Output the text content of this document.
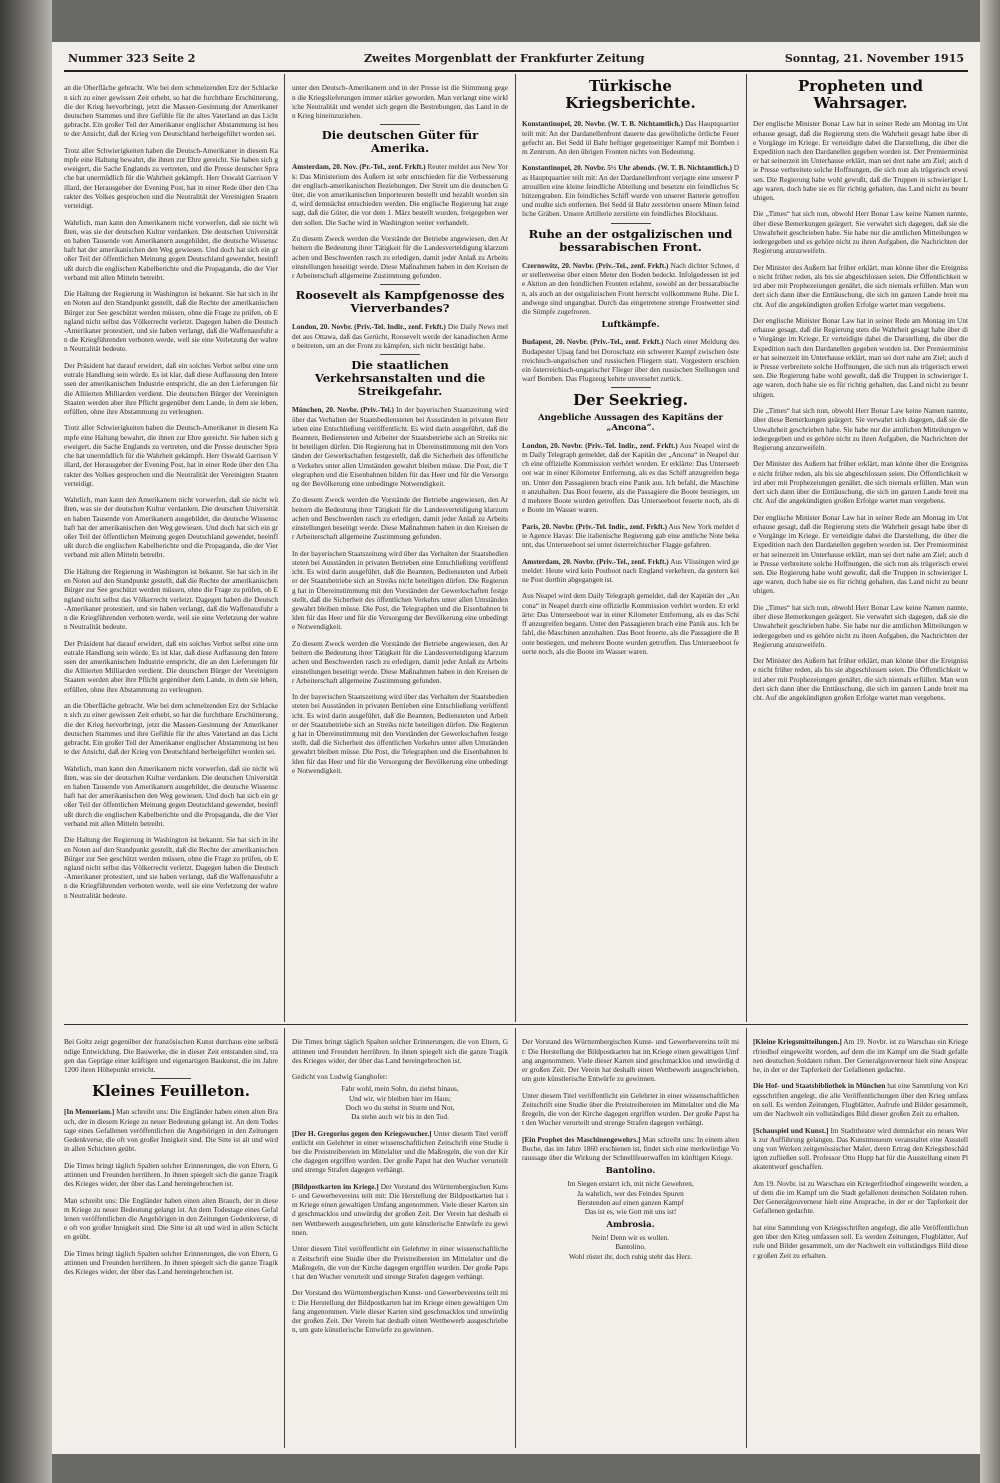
Nummer 323 Seite 2	Zweites Morgenblatt der Frankfurter Zeitung	Sonntag, 21. November 1915

an die Oberfläche gebracht. Wie bei dem schmelzenden Erz der Schlacken sich zu einer gewissen Zeit erhebt, so hat die furchtbare Erschütterung, die der Krieg hervorbringt, jetzt die Massen-Gesinnung der Amerikaner deutschen Stammes und ihre Gefühle für ihr altes Vaterland an das Licht gebracht. Ein großer Teil der Amerikaner englischer Abstammung ist heute der Ansicht, daß der Krieg von Deutschland herbeigeführt worden sei.

Trotz aller Schwierigkeiten haben die Deutsch-Amerikaner in diesem Kampfe eine Haltung bewahrt, die ihnen zur Ehre gereicht. Sie haben sich geweigert, die Sache Englands zu vertreten, und die Presse deutscher Sprache hat unermüdlich für die Wahrheit gekämpft. Herr Oswald Garrison Villard, der Herausgeber der Evening Post, hat in einer Rede über den Charakter des Volkes gesprochen und die Neutralität der Vereinigten Staaten verteidigt.

Wahrlich, man kann den Amerikanern nicht vorwerfen, daß sie nicht wüßten, was sie der deutschen Kultur verdanken. Die deutschen Universitäten haben Tausende von Amerikanern ausgebildet, die deutsche Wissenschaft hat der amerikanischen den Weg gewiesen. Und doch hat sich ein großer Teil der öffentlichen Meinung gegen Deutschland gewendet, beeinflußt durch die englischen Kabelberichte und die Propaganda, die der Vierverband mit allen Mitteln betreibt.

Die Haltung der Regierung in Washington ist bekannt. Sie hat sich in ihren Noten auf den Standpunkt gestellt, daß die Rechte der amerikanischen Bürger zur See geschützt werden müssen, ohne die Frage zu prüfen, ob England nicht selbst das Völkerrecht verletzt. Dagegen haben die Deutsch-Amerikaner protestiert, und sie haben verlangt, daß die Waffenausfuhr an die Kriegführenden verboten werde, weil sie eine Verletzung der wahren Neutralität bedeute.

Der Präsident hat darauf erwidert, daß ein solches Verbot selbst eine unneutrale Handlung sein würde. Es ist klar, daß diese Auffassung den Interessen der amerikanischen Industrie entspricht, die an den Lieferungen für die Alliierten Milliarden verdient. Die deutschen Bürger der Vereinigten Staaten werden aber ihre Pflicht gegenüber dem Lande, in dem sie leben, erfüllen, ohne ihre Abstammung zu verleugnen.

Trotz aller Schwierigkeiten haben die Deutsch-Amerikaner in diesem Kampfe eine Haltung bewahrt, die ihnen zur Ehre gereicht. Sie haben sich geweigert, die Sache Englands zu vertreten, und die Presse deutscher Sprache hat unermüdlich für die Wahrheit gekämpft. Herr Oswald Garrison Villard, der Herausgeber der Evening Post, hat in einer Rede über den Charakter des Volkes gesprochen und die Neutralität der Vereinigten Staaten verteidigt.

Wahrlich, man kann den Amerikanern nicht vorwerfen, daß sie nicht wüßten, was sie der deutschen Kultur verdanken. Die deutschen Universitäten haben Tausende von Amerikanern ausgebildet, die deutsche Wissenschaft hat der amerikanischen den Weg gewiesen. Und doch hat sich ein großer Teil der öffentlichen Meinung gegen Deutschland gewendet, beeinflußt durch die englischen Kabelberichte und die Propaganda, die der Vierverband mit allen Mitteln betreibt.

Die Haltung der Regierung in Washington ist bekannt. Sie hat sich in ihren Noten auf den Standpunkt gestellt, daß die Rechte der amerikanischen Bürger zur See geschützt werden müssen, ohne die Frage zu prüfen, ob England nicht selbst das Völkerrecht verletzt. Dagegen haben die Deutsch-Amerikaner protestiert, und sie haben verlangt, daß die Waffenausfuhr an die Kriegführenden verboten werde, weil sie eine Verletzung der wahren Neutralität bedeute.

Der Präsident hat darauf erwidert, daß ein solches Verbot selbst eine unneutrale Handlung sein würde. Es ist klar, daß diese Auffassung den Interessen der amerikanischen Industrie entspricht, die an den Lieferungen für die Alliierten Milliarden verdient. Die deutschen Bürger der Vereinigten Staaten werden aber ihre Pflicht gegenüber dem Lande, in dem sie leben, erfüllen, ohne ihre Abstammung zu verleugnen.

an die Oberfläche gebracht. Wie bei dem schmelzenden Erz der Schlacken sich zu einer gewissen Zeit erhebt, so hat die furchtbare Erschütterung, die der Krieg hervorbringt, jetzt die Massen-Gesinnung der Amerikaner deutschen Stammes und ihre Gefühle für ihr altes Vaterland an das Licht gebracht. Ein großer Teil der Amerikaner englischer Abstammung ist heute der Ansicht, daß der Krieg von Deutschland herbeigeführt worden sei.

Wahrlich, man kann den Amerikanern nicht vorwerfen, daß sie nicht wüßten, was sie der deutschen Kultur verdanken. Die deutschen Universitäten haben Tausende von Amerikanern ausgebildet, die deutsche Wissenschaft hat der amerikanischen den Weg gewiesen. Und doch hat sich ein großer Teil der öffentlichen Meinung gegen Deutschland gewendet, beeinflußt durch die englischen Kabelberichte und die Propaganda, die der Vierverband mit allen Mitteln betreibt.

Die Haltung der Regierung in Washington ist bekannt. Sie hat sich in ihren Noten auf den Standpunkt gestellt, daß die Rechte der amerikanischen Bürger zur See geschützt werden müssen, ohne die Frage zu prüfen, ob England nicht selbst das Völkerrecht verletzt. Dagegen haben die Deutsch-Amerikaner protestiert, und sie haben verlangt, daß die Waffenausfuhr an die Kriegführenden verboten werde, weil sie eine Verletzung der wahren Neutralität bedeute.

unter den Deutsch-Amerikanern und in der Presse ist die Stimmung gegen die Kriegslieferungen immer stärker geworden. Man verlangt eine wirkliche Neutralität und wendet sich gegen die Bestrebungen, das Land in den Krieg hineinzuziehen.

Die deutschen Güter für Amerika.

Amsterdam, 20. Nov. (Pr.-Tel., zenf. Frkft.) Reuter meldet aus New York: Das Ministerium des Äußern ist sehr entschieden für die Verbesserung der englisch-amerikanischen Beziehungen. Der Streit um die deutschen Güter, die von amerikanischen Importeuren bestellt und bezahlt worden sind, wird demnächst entschieden werden. Die englische Regierung hat zugesagt, daß die Güter, die vor dem 1. März bestellt wurden, freigegeben werden sollen. Die Sache wird in Washington weiter verhandelt.

Zu diesem Zweck werden die Vorstände der Betriebe angewiesen, den Arbeitern die Bedeutung ihrer Tätigkeit für die Landesverteidigung klarzumachen und Beschwerden rasch zu erledigen, damit jeder Anlaß zu Arbeitseinstellungen beseitigt werde. Diese Maßnahmen haben in den Kreisen der Arbeiterschaft allgemeine Zustimmung gefunden.

Roosevelt als Kampfgenosse des Vierverbandes?

London, 20. Novbr. (Priv.-Tel. Indir., zenf. Frkft.) Die Daily News meldet aus Ottawa, daß das Gerücht, Roosevelt werde der kanadischen Armee beitreten, um an der Front zu kämpfen, sich nicht bestätigt habe.

Die staatlichen Verkehrsanstalten und die Streikgefahr.

München, 20. Novbr. (Priv.-Tel.) In der bayerischen Staatszeitung wird über das Verhalten der Staatsbediensteten bei Ausständen in privaten Betrieben eine Entschließung veröffentlicht. Es wird darin ausgeführt, daß die Beamten, Bediensteten und Arbeiter der Staatsbetriebe sich an Streiks nicht beteiligen dürfen. Die Regierung hat in Übereinstimmung mit den Vorständen der Gewerkschaften festgestellt, daß die Sicherheit des öffentlichen Verkehrs unter allen Umständen gewahrt bleiben müsse. Die Post, die Telegraphen und die Eisenbahnen bilden für das Heer und für die Versorgung der Bevölkerung eine unbedingte Notwendigkeit.

Zu diesem Zweck werden die Vorstände der Betriebe angewiesen, den Arbeitern die Bedeutung ihrer Tätigkeit für die Landesverteidigung klarzumachen und Beschwerden rasch zu erledigen, damit jeder Anlaß zu Arbeitseinstellungen beseitigt werde. Diese Maßnahmen haben in den Kreisen der Arbeiterschaft allgemeine Zustimmung gefunden.

In der bayerischen Staatszeitung wird über das Verhalten der Staatsbediensteten bei Ausständen in privaten Betrieben eine Entschließung veröffentlicht. Es wird darin ausgeführt, daß die Beamten, Bediensteten und Arbeiter der Staatsbetriebe sich an Streiks nicht beteiligen dürfen. Die Regierung hat in Übereinstimmung mit den Vorständen der Gewerkschaften festgestellt, daß die Sicherheit des öffentlichen Verkehrs unter allen Umständen gewahrt bleiben müsse. Die Post, die Telegraphen und die Eisenbahnen bilden für das Heer und für die Versorgung der Bevölkerung eine unbedingte Notwendigkeit.

Zu diesem Zweck werden die Vorstände der Betriebe angewiesen, den Arbeitern die Bedeutung ihrer Tätigkeit für die Landesverteidigung klarzumachen und Beschwerden rasch zu erledigen, damit jeder Anlaß zu Arbeitseinstellungen beseitigt werde. Diese Maßnahmen haben in den Kreisen der Arbeiterschaft allgemeine Zustimmung gefunden.

In der bayerischen Staatszeitung wird über das Verhalten der Staatsbediensteten bei Ausständen in privaten Betrieben eine Entschließung veröffentlicht. Es wird darin ausgeführt, daß die Beamten, Bediensteten und Arbeiter der Staatsbetriebe sich an Streiks nicht beteiligen dürfen. Die Regierung hat in Übereinstimmung mit den Vorständen der Gewerkschaften festgestellt, daß die Sicherheit des öffentlichen Verkehrs unter allen Umständen gewahrt bleiben müsse. Die Post, die Telegraphen und die Eisenbahnen bilden für das Heer und für die Versorgung der Bevölkerung eine unbedingte Notwendigkeit.

Türkische Kriegsberichte.

Konstantinopel, 20. Novbr. (W. T. B. Nichtamtlich.) Das Hauptquartier teilt mit: An der Dardanellenfront dauerte das gewöhnliche örtliche Feuergefecht an. Bei Sedd ül Bahr heftiger gegenseitiger Kampf mit Bomben im Zentrum. An den übrigen Fronten nichts von Bedeutung.

Konstantinopel, 20. Novbr. 5½ Uhr abends. (W. T. B. Nichtamtlich.) Das Hauptquartier teilt mit: An der Dardanellenfront verjagte eine unserer Patrouillen eine kleine feindliche Abteilung und besetzte ein feindliches Schützengraben. Ein feindliches Schiff wurde von unserer Batterie getroffen und mußte sich entfernen. Bei Sedd ül Bahr zerstörten unsere Minen feindliche Gräben. Unsere Artillerie zerstörte ein feindliches Blockhaus.

Ruhe an der ostgalizischen und bessarabischen Front.

Czernowitz, 20. Novbr. (Priv.-Tel., zenf. Frkft.) Nach dichter Schnee, der stellenweise über einen Meter den Boden bedeckt. Infolgedessen ist jede Aktion an den feindlichen Fronten erlahmt, sowohl an der bessarabischen, als auch an der ostgalizischen Front herrscht vollkommene Ruhe. Die Landwege sind ungangbar. Durch das eingetretene strenge Frostwetter sind die Sümpfe zugefroren.

Luftkämpfe.

Budapest, 20. Novbr. (Priv.-Tel., zenf. Frkft.) Nach einer Meldung des Budapester Ujsag fand bei Doroschatz ein schwerer Kampf zwischen österreichisch-ungarischen und russischen Fliegern statt. Vorgestern erschien ein österreichisch-ungarischer Flieger über den russischen Stellungen und warf Bomben. Das Flugzeug kehrte unversehrt zurück.

Der Seekrieg.
Angebliche Aussagen des Kapitäns der „Ancona“.

London, 20. Novbr. (Priv.-Tel. Indir., zenf. Frkft.) Aus Neapel wird dem Daily Telegraph gemeldet, daß der Kapitän der „Ancona“ in Neapel durch eine offizielle Kommission verhört worden. Er erklärte: Das Unterseeboot war in einer Kilometer Entfernung, als es das Schiff anzugreifen begann. Unter den Passagieren brach eine Panik aus. Ich befahl, die Maschinen anzuhalten. Das Boot feuerte, als die Passagiere die Boote bestiegen, und mehrere Boote wurden getroffen. Das Unterseeboot feuerte noch, als die Boote im Wasser waren.

Paris, 20. Novbr. (Priv.-Tel. Indir., zenf. Frkft.) Aus New York meldet die Agence Havas: Die italienische Regierung gab eine amtliche Note bekannt, das Unterseeboot sei unter österreichischer Flagge gefahren.

Amsterdam, 20. Novbr. (Priv.-Tel., zenf. Frkft.) Aus Vlissingen wird gemeldet: Heute wird kein Postboot nach England verkehren, da gestern keine Post dorthin abgegangen ist.

Aus Neapel wird dem Daily Telegraph gemeldet, daß der Kapitän der „Ancona“ in Neapel durch eine offizielle Kommission verhört worden. Er erklärte: Das Unterseeboot war in einer Kilometer Entfernung, als es das Schiff anzugreifen begann. Unter den Passagieren brach eine Panik aus. Ich befahl, die Maschinen anzuhalten. Das Boot feuerte, als die Passagiere die Boote bestiegen, und mehrere Boote wurden getroffen. Das Unterseeboot feuerte noch, als die Boote im Wasser waren.

Propheten und Wahrsager.

Der englische Minister Bonar Law hat in seiner Rede am Montag im Unterhause gesagt, daß die Regierung stets die Wahrheit gesagt habe über die Vorgänge im Kriege. Er verteidigte dabei die Darstellung, die über die Expedition nach den Dardanellen gegeben worden ist. Der Premierminister hat seinerzeit im Unterhause erklärt, man sei dort nahe am Ziel; auch die Presse verbreitete solche Hoffnungen, die sich nun als trügerisch erweisen. Die Regierung habe wohl gewußt, daß die Truppen in schwieriger Lage waren, doch habe sie es für richtig gehalten, das Land nicht zu beunruhigen.

Die „Times“ hat sich nun, obwohl Herr Bonar Law keine Namen nannte, über diese Bemerkungen geärgert. Sie verwahrt sich dagegen, daß sie die Unwahrheit geschrieben habe. Sie habe nur die amtlichen Mitteilungen wiedergegeben und es gehöre nicht zu ihren Aufgaben, die Nachrichten der Regierung anzuzweifeln.

Der Minister des Außern hat früher erklärt, man könne über die Ereignisse nicht früher reden, als bis sie abgeschlossen seien. Die Öffentlichkeit wird aber mit Prophezeiungen genährt, die sich niemals erfüllen. Man wundert sich dann über die Enttäuschung, die sich im ganzen Lande breit macht. Auf die angekündigten großen Erfolge wartet man vergebens.

Der englische Minister Bonar Law hat in seiner Rede am Montag im Unterhause gesagt, daß die Regierung stets die Wahrheit gesagt habe über die Vorgänge im Kriege. Er verteidigte dabei die Darstellung, die über die Expedition nach den Dardanellen gegeben worden ist. Der Premierminister hat seinerzeit im Unterhause erklärt, man sei dort nahe am Ziel; auch die Presse verbreitete solche Hoffnungen, die sich nun als trügerisch erweisen. Die Regierung habe wohl gewußt, daß die Truppen in schwieriger Lage waren, doch habe sie es für richtig gehalten, das Land nicht zu beunruhigen.

Die „Times“ hat sich nun, obwohl Herr Bonar Law keine Namen nannte, über diese Bemerkungen geärgert. Sie verwahrt sich dagegen, daß sie die Unwahrheit geschrieben habe. Sie habe nur die amtlichen Mitteilungen wiedergegeben und es gehöre nicht zu ihren Aufgaben, die Nachrichten der Regierung anzuzweifeln.

Der Minister des Außern hat früher erklärt, man könne über die Ereignisse nicht früher reden, als bis sie abgeschlossen seien. Die Öffentlichkeit wird aber mit Prophezeiungen genährt, die sich niemals erfüllen. Man wundert sich dann über die Enttäuschung, die sich im ganzen Lande breit macht. Auf die angekündigten großen Erfolge wartet man vergebens.

Der englische Minister Bonar Law hat in seiner Rede am Montag im Unterhause gesagt, daß die Regierung stets die Wahrheit gesagt habe über die Vorgänge im Kriege. Er verteidigte dabei die Darstellung, die über die Expedition nach den Dardanellen gegeben worden ist. Der Premierminister hat seinerzeit im Unterhause erklärt, man sei dort nahe am Ziel; auch die Presse verbreitete solche Hoffnungen, die sich nun als trügerisch erweisen. Die Regierung habe wohl gewußt, daß die Truppen in schwieriger Lage waren, doch habe sie es für richtig gehalten, das Land nicht zu beunruhigen.

Die „Times“ hat sich nun, obwohl Herr Bonar Law keine Namen nannte, über diese Bemerkungen geärgert. Sie verwahrt sich dagegen, daß sie die Unwahrheit geschrieben habe. Sie habe nur die amtlichen Mitteilungen wiedergegeben und es gehöre nicht zu ihren Aufgaben, die Nachrichten der Regierung anzuzweifeln.

Der Minister des Außern hat früher erklärt, man könne über die Ereignisse nicht früher reden, als bis sie abgeschlossen seien. Die Öffentlichkeit wird aber mit Prophezeiungen genährt, die sich niemals erfüllen. Man wundert sich dann über die Enttäuschung, die sich im ganzen Lande breit macht. Auf die angekündigten großen Erfolge wartet man vergebens.

Bei Goltz zeigt gegenüber der französischen Kunst durchaus eine selbständige Entwicklung. Die Bauwerke, die in dieser Zeit entstanden sind, tragen das Gepräge einer kräftigen und eigenartigen Baukunst, die im Jahre 1200 ihren Höhepunkt erreicht.

Kleines Feuilleton.

[In Memoriam.] Man schreibt uns: Die Engländer haben einen alten Brauch, der in diesem Kriege zu neuer Bedeutung gelangt ist. An dem Todestage eines Gefallenen veröffentlichen die Angehörigen in den Zeitungen Gedenkverse, die oft von großer Innigkeit sind. Die Sitte ist alt und wird in allen Schichten geübt.

Die Times bringt täglich Spalten solcher Erinnerungen, die von Eltern, Gattinnen und Freunden herrühren. In ihnen spiegelt sich die ganze Tragik des Krieges wider, der über das Land hereingebrochen ist.

Man schreibt uns: Die Engländer haben einen alten Brauch, der in diesem Kriege zu neuer Bedeutung gelangt ist. An dem Todestage eines Gefallenen veröffentlichen die Angehörigen in den Zeitungen Gedenkverse, die oft von großer Innigkeit sind. Die Sitte ist alt und wird in allen Schichten geübt.

Die Times bringt täglich Spalten solcher Erinnerungen, die von Eltern, Gattinnen und Freunden herrühren. In ihnen spiegelt sich die ganze Tragik des Krieges wider, der über das Land hereingebrochen ist.

Die Times bringt täglich Spalten solcher Erinnerungen, die von Eltern, Gattinnen und Freunden herrühren. In ihnen spiegelt sich die ganze Tragik des Krieges wider, der über das Land hereingebrochen ist.

Gedicht von Ludwig Ganghofer:

Fahr wohl, mein Sohn, du ziehst hinaus,
Und wir, wir bleiben hier im Haus;
Doch wo du stehst in Sturm und Not,
Da stehn auch wir bis in den Tod.

[Der H. Gregorius gegen den Kriegswucher.] Unter diesem Titel veröffentlicht ein Gelehrter in einer wissenschaftlichen Zeitschrift eine Studie über die Preistreibereien im Mittelalter und die Maßregeln, die von der Kirche dagegen ergriffen wurden. Der große Papst hat den Wucher verurteilt und strenge Strafen dagegen verhängt.

[Bildpostkarten im Kriege.] Der Vorstand des Württembergischen Kunst- und Gewerbevereins teilt mit: Die Herstellung der Bildpostkarten hat im Kriege einen gewaltigen Umfang angenommen. Viele dieser Karten sind geschmacklos und unwürdig der großen Zeit. Der Verein hat deshalb einen Wettbewerb ausgeschrieben, um gute künstlerische Entwürfe zu gewinnen.

Unter diesem Titel veröffentlicht ein Gelehrter in einer wissenschaftlichen Zeitschrift eine Studie über die Preistreibereien im Mittelalter und die Maßregeln, die von der Kirche dagegen ergriffen wurden. Der große Papst hat den Wucher verurteilt und strenge Strafen dagegen verhängt.

Der Vorstand des Württembergischen Kunst- und Gewerbevereins teilt mit: Die Herstellung der Bildpostkarten hat im Kriege einen gewaltigen Umfang angenommen. Viele dieser Karten sind geschmacklos und unwürdig der großen Zeit. Der Verein hat deshalb einen Wettbewerb ausgeschrieben, um gute künstlerische Entwürfe zu gewinnen.

Der Vorstand des Württembergischen Kunst- und Gewerbevereins teilt mit: Die Herstellung der Bildpostkarten hat im Kriege einen gewaltigen Umfang angenommen. Viele dieser Karten sind geschmacklos und unwürdig der großen Zeit. Der Verein hat deshalb einen Wettbewerb ausgeschrieben, um gute künstlerische Entwürfe zu gewinnen.

Unter diesem Titel veröffentlicht ein Gelehrter in einer wissenschaftlichen Zeitschrift eine Studie über die Preistreibereien im Mittelalter und die Maßregeln, die von der Kirche dagegen ergriffen wurden. Der große Papst hat den Wucher verurteilt und strenge Strafen dagegen verhängt.

[Ein Prophet des Maschinengewehrs.] Man schreibt uns: In einem alten Buche, das im Jahre 1860 erschienen ist, findet sich eine merkwürdige Voraussage über die Wirkung der Schnellfeuerwaffen im künftigen Kriege.

Bantolino.
Im Siegen erstarrt ich, mit nicht Gewehren,
Ja wahrlich, wer des Feindes Spuren
Berstenden auf einen ganzen Kampf
Das ist es, wie Gott mit uns ist!
Ambrosia.
Nein! Denn wir es wollen.
Bantolino.
Wohl rüstet ihr, doch ruhig steht das Herz.

[Kleine Kriegsmitteilungen.] Am 19. Novbr. ist zu Warschau ein Kriegerfriedhof eingeweiht worden, auf dem die im Kampf um die Stadt gefallenen deutschen Soldaten ruhen. Der Generalgouverneur hielt eine Ansprache, in der er der Tapferkeit der Gefallenen gedachte.

Die Hof- und Staatsbibliothek in München hat eine Sammlung von Kriegsschriften angelegt, die alle Veröffentlichungen über den Krieg umfassen soll. Es werden Zeitungen, Flugblätter, Aufrufe und Bilder gesammelt, um der Nachwelt ein vollständiges Bild dieser großen Zeit zu erhalten.

[Schauspiel und Kunst.] Im Stadttheater wird demnächst ein neues Werk zur Aufführung gelangen. Das Kunstmuseum veranstaltet eine Ausstellung von Werken zeitgenössischer Maler, deren Ertrag den Kriegsbeschädigten zufließen soll. Professor Otto Hupp hat für die Ausstellung einen Plakatentwurf geschaffen.

Am 19. Novbr. ist zu Warschau ein Kriegerfriedhof eingeweiht worden, auf dem die im Kampf um die Stadt gefallenen deutschen Soldaten ruhen. Der Generalgouverneur hielt eine Ansprache, in der er der Tapferkeit der Gefallenen gedachte.

hat eine Sammlung von Kriegsschriften angelegt, die alle Veröffentlichungen über den Krieg umfassen soll. Es werden Zeitungen, Flugblätter, Aufrufe und Bilder gesammelt, um der Nachwelt ein vollständiges Bild dieser großen Zeit zu erhalten.
